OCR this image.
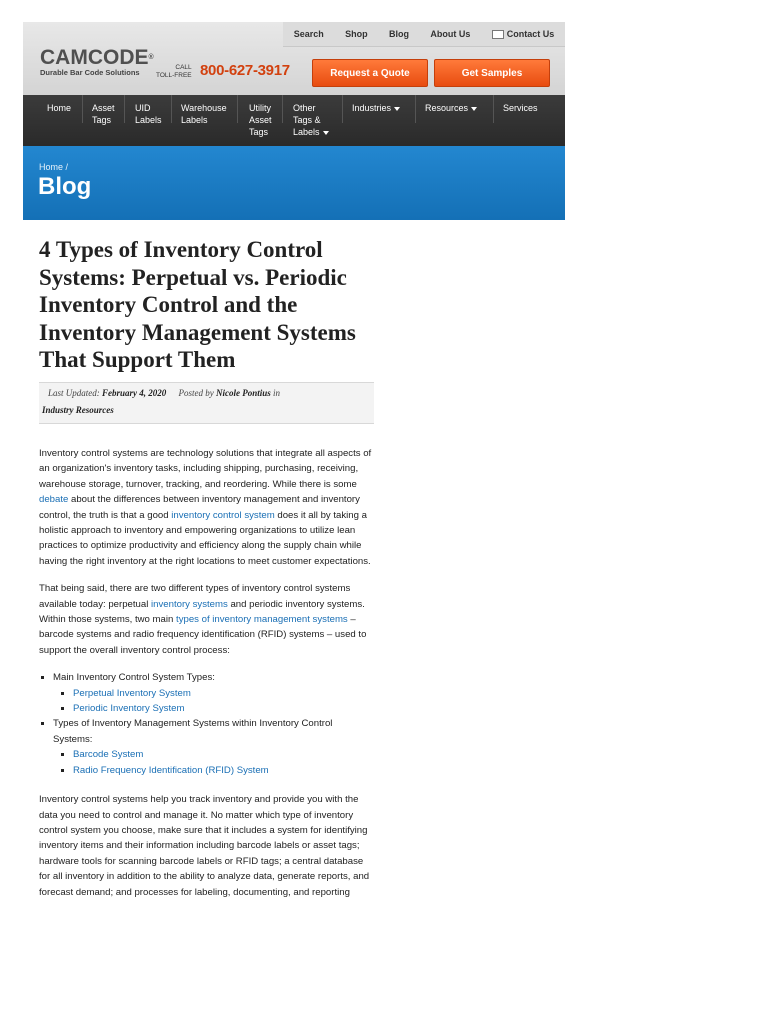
Search Shop Blog About Us	Contact Us
CAMCODE®
Durable Bar Code Solutions
CALL
TOLL-FREE 800-627-3917	Request a Quote	Get Samples
Home Asset
Tags
UID
Labels
Warehouse
Labels
Utility
Asset
Tags
Other
Tags &
Labels
Industries	Resources	Services
Home /
Blog
4 Types of Inventory Control Systems: Perpetual vs. Periodic Inventory Control and the Inventory Management Systems That Support Them
Last Updated: February 4, 2020 Posted by Nicole Pontius in
Industry Resources

Inventory control systems are technology solutions that integrate all aspects of an organization's inventory tasks, including shipping, purchasing, receiving, warehouse storage, turnover, tracking, and reordering. While there is some debate about the differences between inventory management and inventory control, the truth is that a good inventory control system does it all by taking a holistic approach to inventory and empowering organizations to utilize lean practices to optimize productivity and efficiency along the supply chain while having the right inventory at the right locations to meet customer expectations.

That being said, there are two different types of inventory control systems available today: perpetual inventory systems and periodic inventory systems. Within those systems, two main types of inventory management systems – barcode systems and radio frequency identification (RFID) systems – used to support the overall inventory control process:

▪ Main Inventory Control System Types:
▪ Perpetual Inventory System
▪ Periodic Inventory System
▪ Types of Inventory Management Systems within Inventory Control Systems:
▪ Barcode System
▪ Radio Frequency Identification (RFID) System

Inventory control systems help you track inventory and provide you with the data you need to control and manage it. No matter which type of inventory control system you choose, make sure that it includes a system for identifying inventory items and their information including barcode labels or asset tags; hardware tools for scanning barcode labels or RFID tags; a central database for all inventory in addition to the ability to analyze data, generate reports, and forecast demand; and processes for labeling, documenting, and reporting
